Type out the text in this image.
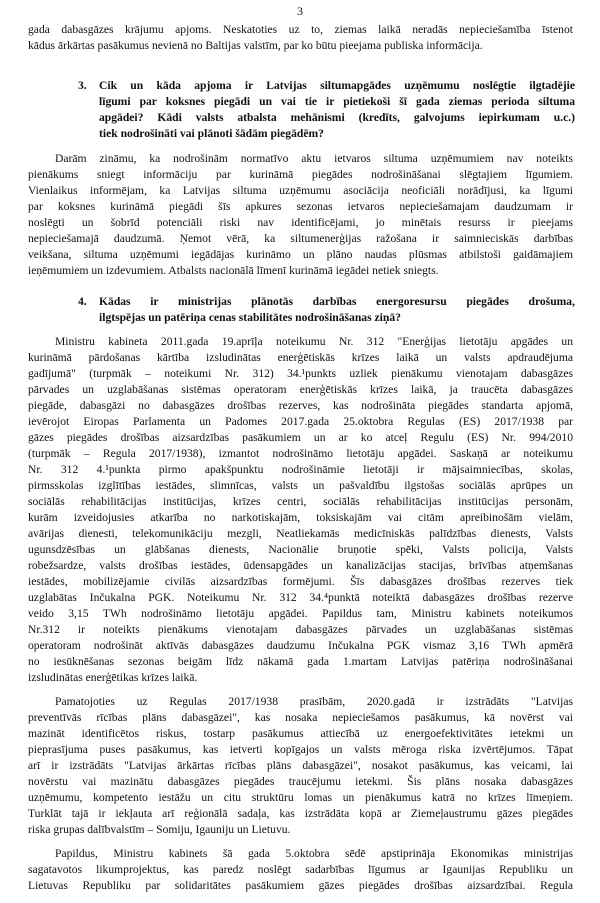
3
gada dabasgāzes krājumu apjoms. Neskatoties uz to, ziemas laikā neradās nepieciešamība īstenot
kādus ārkārtas pasākumus nevienā no Baltijas valstīm, par ko būtu pieejama publiska informācija.
3. Cik un kāda apjoma ir Latvijas siltumapgādes uzņēmumu noslēgtie ilgtadējie
līgumi par koksnes piegādi un vai tie ir pietiekoši šī gada ziemas perioda siltuma
apgādei? Kādi valsts atbalsta mehānismi (kredīts, galvojums iepirkumam u.c.)
tiek nodrošināti vai plānoti šādām piegādēm?
Darām zināmu, ka nodrošinām normatīvo aktu ietvaros siltuma uzņēmumiem nav noteikts
pienākums sniegt informāciju par kurināmā piegādes nodrošināšanai slēgtajiem līgumiem.
Vienlaikus informējam, ka Latvijas siltuma uzņēmumu asociācija neoficiāli norādījusi, ka līgumi
par koksnes kurināmā piegādi šīs apkures sezonas ietvaros nepieciešamajam daudzumam ir
noslēgti un šobrīd potenciāli riski nav identificējami, jo minētais resurss ir pieejams
nepieciešamajā daudzumā. Ņemot vērā, ka siltumenerģijas ražošana ir saimnieciskās darbības
veikšana, siltuma uzņēmumi iegādājas kurināmo un plāno naudas plūsmas atbilstoši gaidāmajiem
ieņēmumiem un izdevumiem. Atbalsts nacionālā līmenī kurināmā iegādei netiek sniegts.
4. Kādas ir ministrijas plānotās darbības energoresursu piegādes drošuma,
ilgtspējas un patēriņa cenas stabilitātes nodrošināšanas ziņā?
Ministru kabineta 2011.gada 19.aprīļa noteikumu Nr. 312 "Enerģijas lietotāju apgādes un
kurināmā pārdošanas kārtība izsludinātas enerģētiskās krīzes laikā un valsts apdraudējuma
gadījumā" (turpmāk – noteikumi Nr. 312) 34.¹punkts uzliek pienākumu vienotajam dabasgāzes
pārvades un uzglabāšanas sistēmas operatoram enerģētiskās krīzes laikā, ja traucēta dabasgāzes
piegāde, dabasgāzi no dabasgāzes drošības rezerves, kas nodrošināta piegādes standarta apjomā,
ievērojot Eiropas Parlamenta un Padomes 2017.gada 25.oktobra Regulas (ES) 2017/1938 par
gāzes piegādes drošības aizsardzības pasākumiem un ar ko atceļ Regulu (ES) Nr. 994/2010
(turpmāk – Regula 2017/1938), izmantot nodrošināmo lietotāju apgādei. Saskaņā ar noteikumu
Nr. 312 4.¹punkta pirmo apakšpunktu nodrošināmie lietotāji ir mājsaimniecības, skolas,
pirmsskolas izglītības iestādes, slimnīcas, valsts un pašvaldību ilgstošas sociālās aprūpes un
sociālās rehabilitācijas institūcijas, krīzes centri, sociālās rehabilitācijas institūcijas personām,
kurām izveidojusies atkarība no narkotiskajām, toksiskajām vai citām apreibinošām vielām,
avārijas dienesti, telekomunikāciju mezgli, Neatliekamās medicīniskās palīdzības dienests, Valsts
ugunsdzēsības un glābšanas dienests, Nacionālie bruņotie spēki, Valsts policija, Valsts
robežsardze, valsts drošības iestādes, ūdensapgādes un kanalizācijas stacijas, brīvības atņemšanas
iestādes, mobilizējamie civilās aizsardzības formējumi. Šīs dabasgāzes drošības rezerves tiek
uzglabātas Inčukalna PGK. Noteikumu Nr. 312 34.⁴punktā noteiktā dabasgāzes drošības rezerve
veido 3,15 TWh nodrošināmo lietotāju apgādei. Papildus tam, Ministru kabinets noteikumos
Nr.312 ir noteikts pienākums vienotajam dabasgāzes pārvades un uzglabāšanas sistēmas
operatoram nodrošināt aktīvās dabasgāzes daudzumu Inčukalna PGK vismaz 3,16 TWh apmērā
no iesūknēšanas sezonas beigām līdz nākamā gada 1.martam Latvijas patēriņa nodrošināšanai
izsludinātas enerģētikas krīzes laikā.
Pamatojoties uz Regulas 2017/1938 prasībām, 2020.gadā ir izstrādāts "Latvijas
preventīvās rīcības plāns dabasgāzei", kas nosaka nepieciešamos pasākumus, kā novērst vai
mazināt identificētos riskus, tostarp pasākumus attiecībā uz energoefektivitātes ietekmi un
pieprasījuma puses pasākumus, kas ietverti kopīgajos un valsts mēroga riska izvērtējumos. Tāpat
arī ir izstrādāts "Latvijas ārkārtas rīcības plāns dabasgāzei", nosakot pasākumus, kas veicami, lai
novērstu vai mazinātu dabasgāzes piegādes traucējumu ietekmi. Šis plāns nosaka dabasgāzes
uzņēmumu, kompetento iestāžu un citu struktūru lomas un pienākumus katrā no krīzes līmeņiem.
Turklāt tajā ir iekļauta arī reģionālā sadaļa, kas izstrādāta kopā ar Ziemeļaustrumu gāzes piegādes
riska grupas dalībvalstīm – Somiju, Igauniju un Lietuvu.
Papildus, Ministru kabinets šā gada 5.oktobra sēdē apstiprināja Ekonomikas ministrijas
sagatavotos likumprojektus, kas paredz noslēgt sadarbības līgumus ar Igaunijas Republiku un
Lietuvas Republiku par solidaritātes pasākumiem gāzes piegādes drošības aizsardzībai. Regula
